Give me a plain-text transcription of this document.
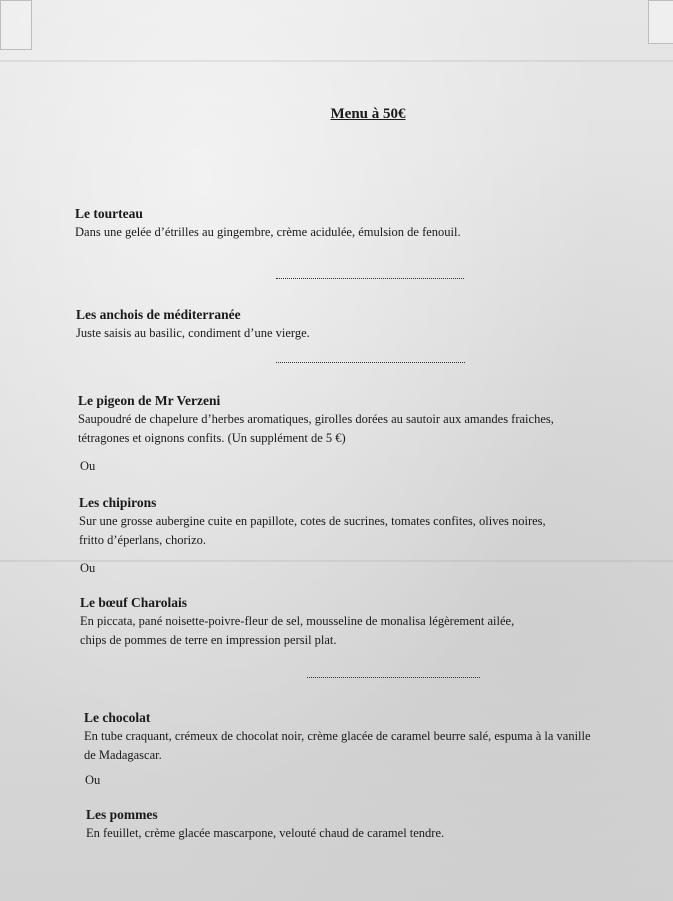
Menu à 50€
Le tourteau
Dans une gelée d’étrilles au gingembre, crème acidulée, émulsion de fenouil.
Les anchois de méditerranée
Juste saisis au basilic, condiment d’une vierge.
Le pigeon de Mr Verzeni
Saupoudré de chapelure d’herbes aromatiques, girolles dorées au sautoir aux amandes fraiches,
tétragones et oignons confits. (Un supplément de 5 €)
Ou
Les chipirons
Sur une grosse aubergine cuite en papillote, cotes de sucrines, tomates confites, olives noires,
fritto d’éperlans, chorizo.
Ou
Le bœuf Charolais
En piccata, pané noisette-poivre-fleur de sel, mousseline de monalisa légèrement ailée,
chips de pommes de terre en impression persil plat.
Le chocolat
En tube craquant, crémeux de chocolat noir, crème glacée de caramel beurre salé, espuma à la vanille
de Madagascar.
Ou
Les pommes
En feuillet, crème glacée mascarpone, velouté chaud de caramel tendre.
